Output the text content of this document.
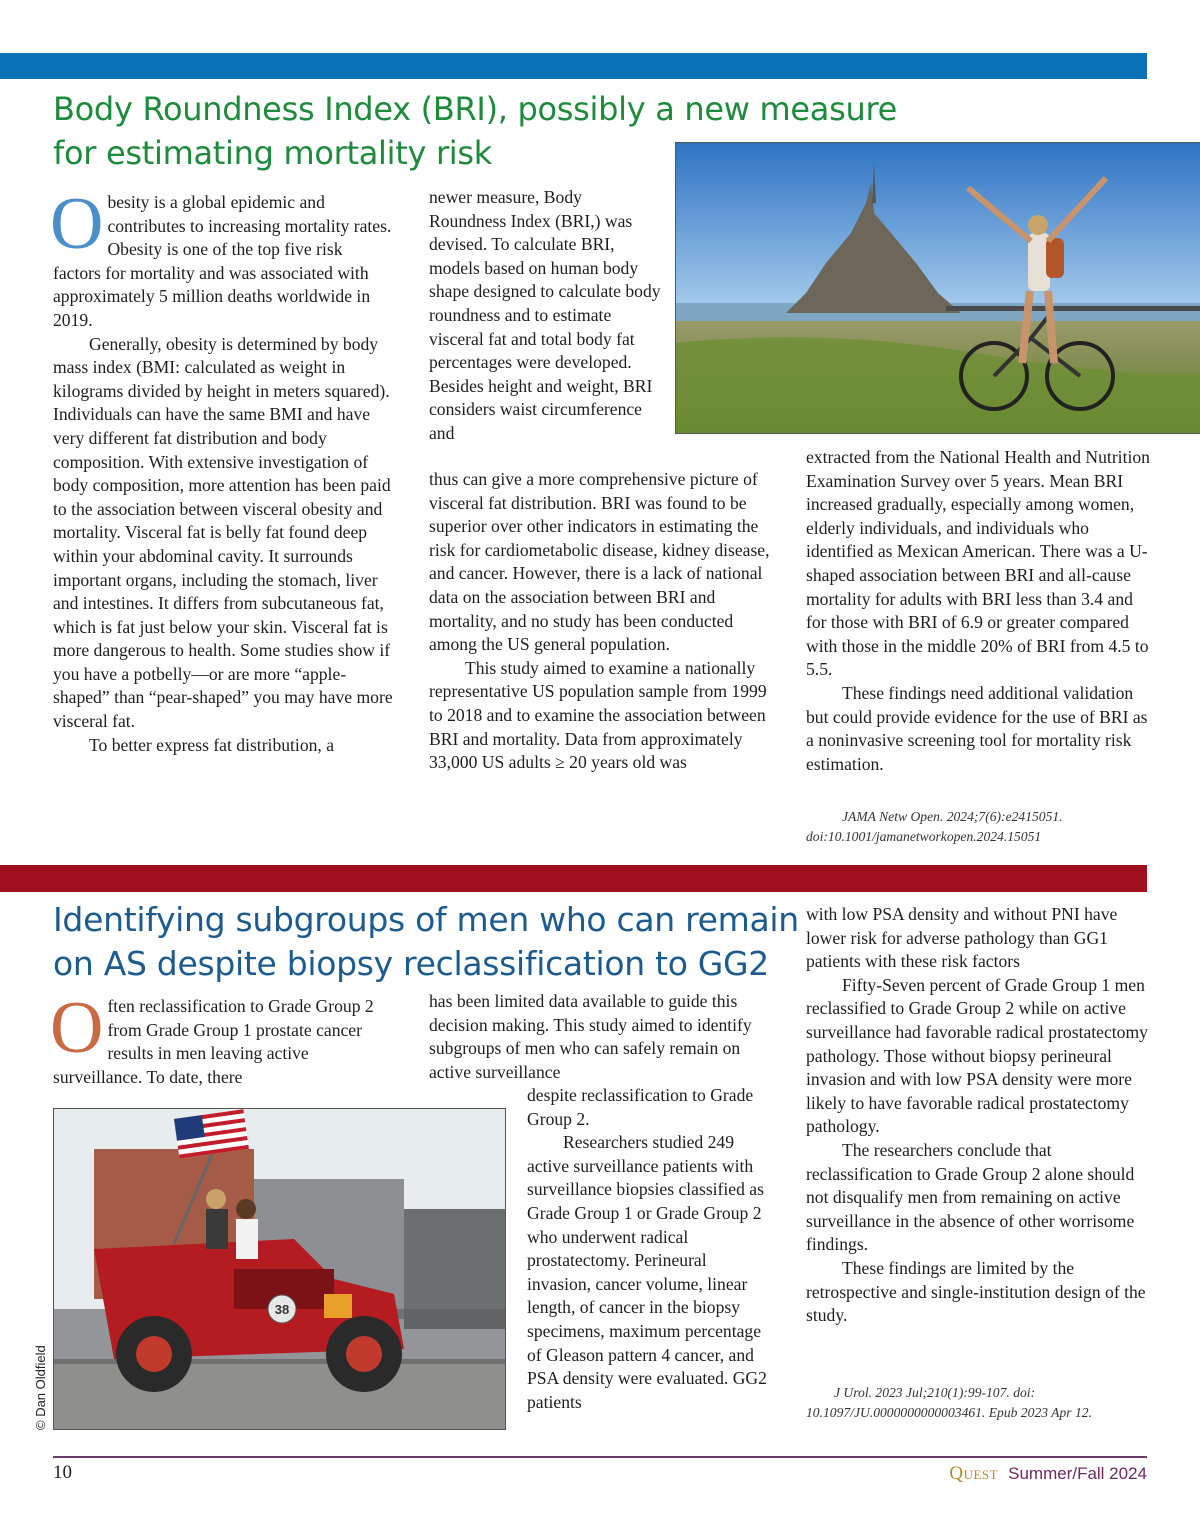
Body Roundness Index (BRI), possibly a new measure
for estimating mortality risk

Obesity is a global epidemic and contributes to increasing mortality rates. Obesity is one of the top five risk factors for mortality and was associated with approximately 5 million deaths worldwide in 2019.

Generally, obesity is determined by body mass index (BMI: calculated as weight in kilograms divided by height in meters squared). Individuals can have the same BMI and have very different fat distribution and body composition. With extensive investigation of body composition, more attention has been paid to the association between visceral obesity and mortality. Visceral fat is belly fat found deep within your abdominal cavity. It surrounds important organs, including the stomach, liver and intestines. It differs from subcutaneous fat, which is fat just below your skin. Visceral fat is more dangerous to health. Some studies show if you have a potbelly—or are more “apple-shaped” than “pear-shaped” you may have more visceral fat.

To better express fat distribution, a

newer measure, Body Roundness Index (BRI,) was devised. To calculate BRI, models based on human body shape designed to calculate body roundness and to estimate visceral fat and total body fat percentages were developed. Besides height and weight, BRI considers waist circumference and

thus can give a more comprehensive picture of visceral fat distribution. BRI was found to be superior over other indicators in estimating the risk for cardiometabolic disease, kidney disease, and cancer. However, there is a lack of national data on the association between BRI and mortality, and no study has been conducted among the US general population.

This study aimed to examine a nationally representative US population sample from 1999 to 2018 and to examine the association between BRI and mortality. Data from approximately 33,000 US adults ≥ 20 years old was

extracted from the National Health and Nutrition Examination Survey over 5 years. Mean BRI increased gradually, especially among women, elderly individuals, and individuals who identified as Mexican American. There was a U-shaped association between BRI and all-cause mortality for adults with BRI less than 3.4 and for those with BRI of 6.9 or greater compared with those in the middle 20% of BRI from 4.5 to 5.5.

These findings need additional validation but could provide evidence for the use of BRI as a noninvasive screening tool for mortality risk estimation.

JAMA Netw Open. 2024;7(6):e2415051.
doi:10.1001/jamanetworkopen.2024.15051
Identifying subgroups of men who can remain
on AS despite biopsy reclassification to GG2

Often reclassification to Grade Group 2 from Grade Group 1 prostate cancer results in men leaving active surveillance. To date, there

38
© Dan Oldfield

has been limited data available to guide this decision making. This study aimed to identify subgroups of men who can safely remain on active surveillance

despite reclassification to Grade Group 2.

Researchers studied 249 active surveillance patients with surveillance biopsies classified as Grade Group 1 or Grade Group 2 who underwent radical prostatectomy. Perineural invasion, cancer volume, linear length, of cancer in the biopsy specimens, maximum percentage of Gleason pattern 4 cancer, and PSA density were evaluated. GG2 patients

with low PSA density and without PNI have lower risk for adverse pathology than GG1 patients with these risk factors

Fifty-Seven percent of Grade Group 1 men reclassified to Grade Group 2 while on active surveillance had favorable radical prostatectomy pathology. Those without biopsy perineural invasion and with low PSA density were more likely to have favorable radical prostatectomy pathology.

The researchers conclude that reclassification to Grade Group 2 alone should not disqualify men from remaining on active surveillance in the absence of other worrisome findings.

These findings are limited by the retrospective and single-institution design of the study.

J Urol. 2023 Jul;210(1):99-107. doi:
10.1097/JU.0000000000003461. Epub 2023 Apr 12.
10	Quest Summer/Fall 2024
